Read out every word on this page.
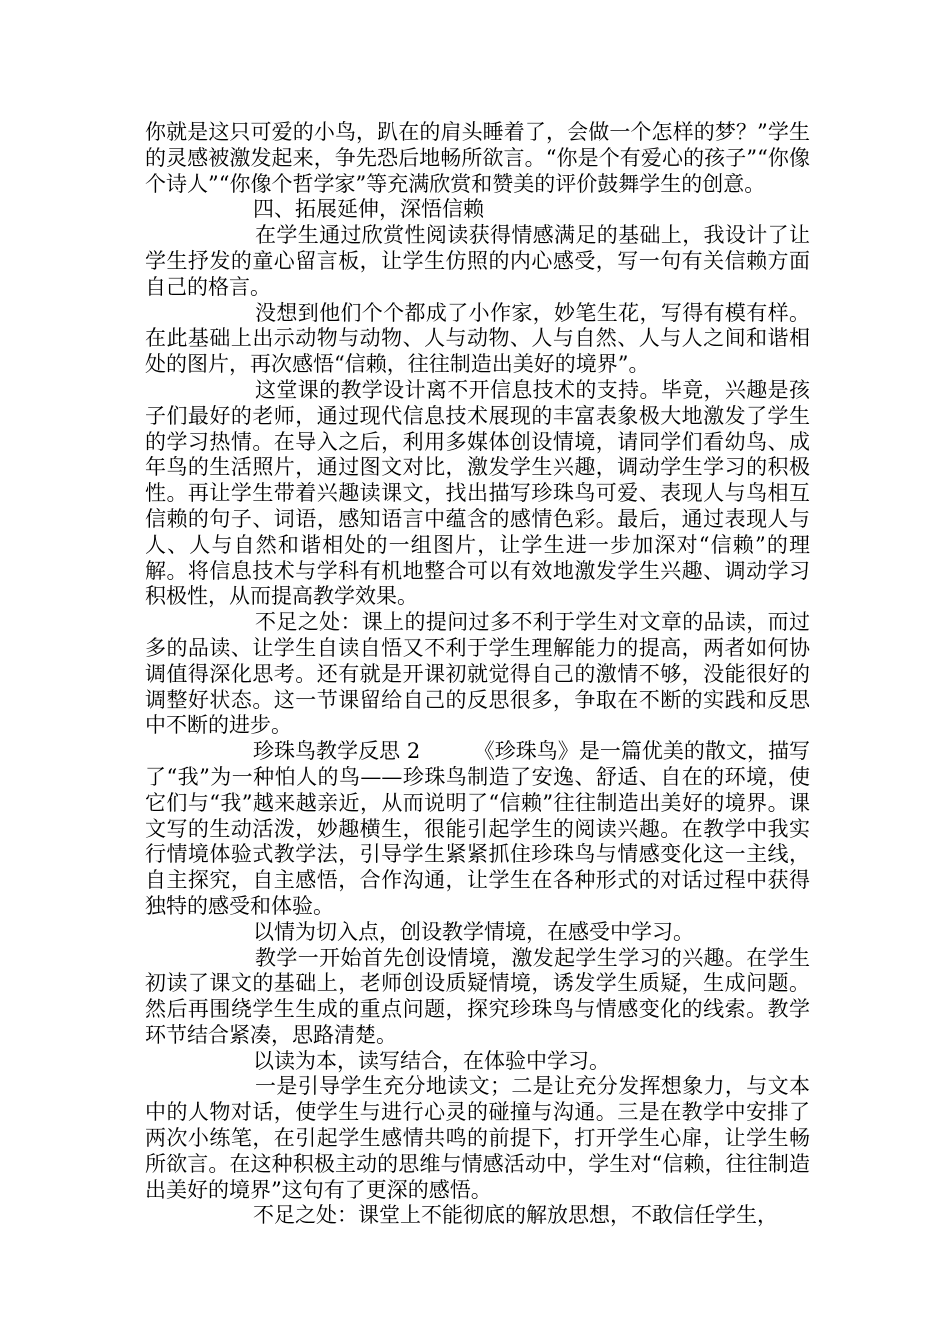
你就是这只可爱的小鸟，趴在的肩头睡着了，会做一个怎样的梦？”学生的灵感被激发起来，争先恐后地畅所欲言。“你是个有爱心的孩子”“你像个诗人”“你像个哲学家”等充满欣赏和赞美的评价鼓舞学生的创意。

四、拓展延伸，深悟信赖

在学生通过欣赏性阅读获得情感满足的基础上，我设计了让学生抒发的童心留言板，让学生仿照的内心感受，写一句有关信赖方面自己的格言。

没想到他们个个都成了小作家，妙笔生花，写得有模有样。在此基础上出示动物与动物、人与动物、人与自然、人与人之间和谐相处的图片，再次感悟“信赖，往往制造出美好的境界”。

这堂课的教学设计离不开信息技术的支持。毕竟，兴趣是孩子们最好的老师，通过现代信息技术展现的丰富表象极大地激发了学生的学习热情。在导入之后，利用多媒体创设情境，请同学们看幼鸟、成年鸟的生活照片，通过图文对比，激发学生兴趣，调动学生学习的积极性。再让学生带着兴趣读课文，找出描写珍珠鸟可爱、表现人与鸟相互信赖的句子、词语，感知语言中蕴含的感情色彩。最后，通过表现人与人、人与自然和谐相处的一组图片，让学生进一步加深对“信赖”的理解。将信息技术与学科有机地整合可以有效地激发学生兴趣、调动学习积极性，从而提高教学效果。

不足之处：课上的提问过多不利于学生对文章的品读，而过多的品读、让学生自读自悟又不利于学生理解能力的提高，两者如何协调值得深化思考。还有就是开课初就觉得自己的激情不够，没能很好的调整好状态。这一节课留给自己的反思很多，争取在不断的实践和反思中不断的进步。

珍珠鸟教学反思 2	《珍珠鸟》是一篇优美的散文，描写了“我”为一种怕人的鸟——珍珠鸟制造了安逸、舒适、自在的环境，使它们与“我”越来越亲近，从而说明了“信赖”往往制造出美好的境界。课文写的生动活泼，妙趣横生，很能引起学生的阅读兴趣。在教学中我实行情境体验式教学法，引导学生紧紧抓住珍珠鸟与情感变化这一主线，自主探究，自主感悟，合作沟通，让学生在各种形式的对话过程中获得独特的感受和体验。

以情为切入点，创设教学情境，在感受中学习。

教学一开始首先创设情境，激发起学生学习的兴趣。在学生初读了课文的基础上，老师创设质疑情境，诱发学生质疑，生成问题。然后再围绕学生生成的重点问题，探究珍珠鸟与情感变化的线索。教学环节结合紧凑，思路清楚。

以读为本，读写结合，在体验中学习。

一是引导学生充分地读文；二是让充分发挥想象力，与文本中的人物对话，使学生与进行心灵的碰撞与沟通。三是在教学中安排了两次小练笔，在引起学生感情共鸣的前提下，打开学生心扉，让学生畅所欲言。在这种积极主动的思维与情感活动中，学生对“信赖，往往制造出美好的境界”这句有了更深的感悟。

不足之处：课堂上不能彻底的解放思想，不敢信任学生，
